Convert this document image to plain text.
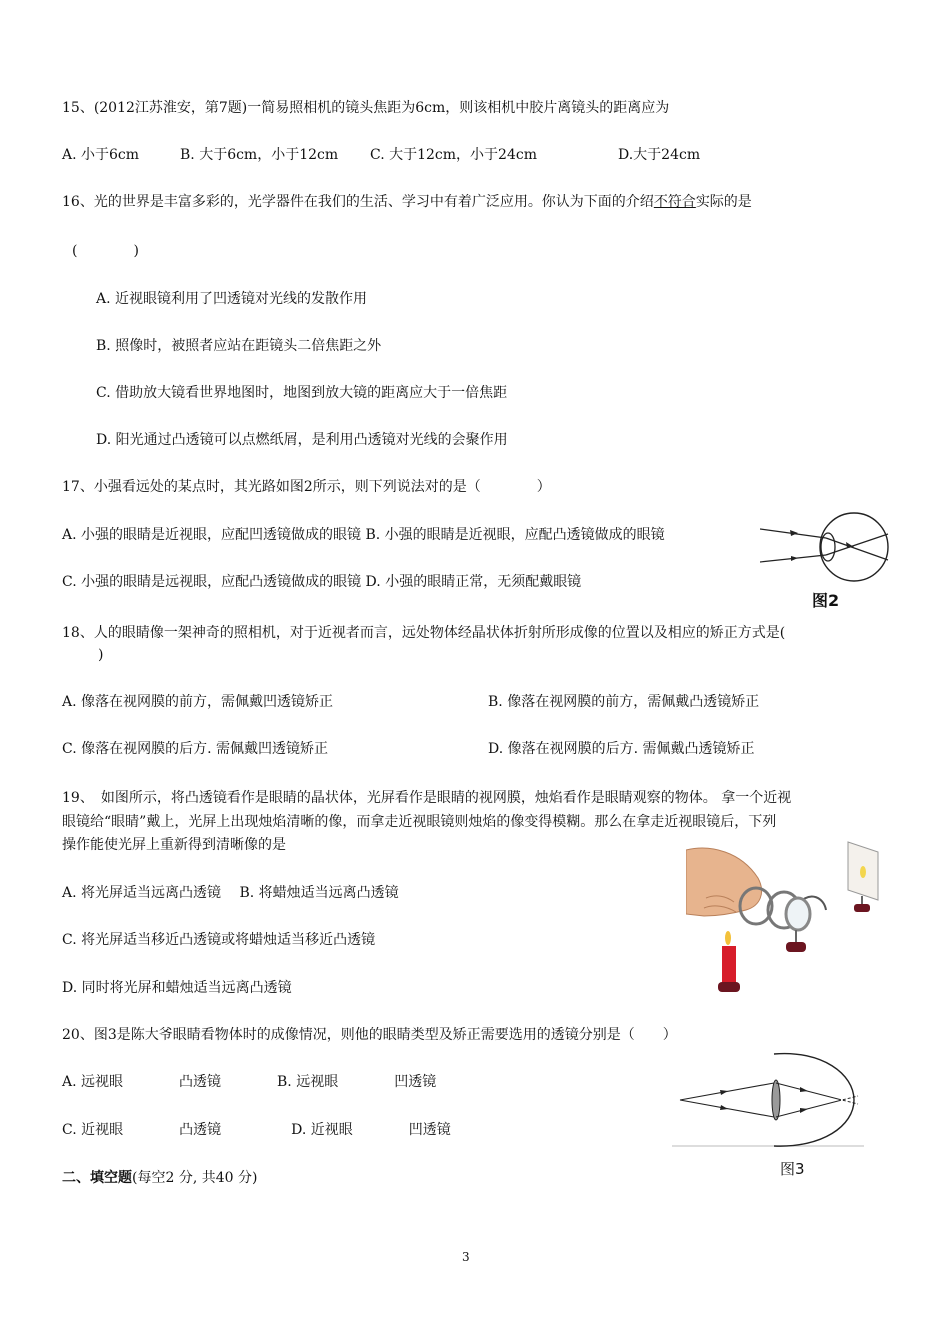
15、(2012江苏淮安，第7题)一简易照相机的镜头焦距为6cm，则该相机中胶片离镜头的距离应为
A. 小于6cm	B. 大于6cm，小于12cm C. 大于12cm，小于24cm	D.大于24cm
16、光的世界是丰富多彩的，光学器件在我们的生活、学习中有着广泛应用。你认为下面的介绍不符合实际的是
(　　　　)
A. 近视眼镜利用了凹透镜对光线的发散作用
B. 照像时，被照者应站在距镜头二倍焦距之外
C. 借助放大镜看世界地图时，地图到放大镜的距离应大于一倍焦距
D. 阳光通过凸透镜可以点燃纸屑，是利用凸透镜对光线的会聚作用
17、小强看远处的某点时，其光路如图2所示，则下列说法对的是（　　　　）
A. 小强的眼睛是近视眼，应配凹透镜做成的眼镜 B. 小强的眼睛是近视眼，应配凸透镜做成的眼镜
C. 小强的眼睛是远视眼，应配凸透镜做成的眼镜 D. 小强的眼睛正常，无须配戴眼镜
图2
18、人的眼睛像一架神奇的照相机，对于近视者而言，远处物体经晶状体折射所形成像的位置以及相应的矫正方式是(
)
A. 像落在视网膜的前方，需佩戴凹透镜矫正	B. 像落在视网膜的前方，需佩戴凸透镜矫正
C. 像落在视网膜的后方. 需佩戴凹透镜矫正	D. 像落在视网膜的后方. 需佩戴凸透镜矫正
19、　如图所示，将凸透镜看作是眼睛的晶状体，光屏看作是眼睛的视网膜，烛焰看作是眼睛观察的物体。 拿一个近视
眼镜给“眼睛”戴上，光屏上出现烛焰清晰的像，而拿走近视眼镜则烛焰的像变得模糊。那么在拿走近视眼镜后，下列
操作能使光屏上重新得到清晰像的是
A. 将光屏适当远离凸透镜　 B. 将蜡烛适当远离凸透镜
C. 将光屏适当移近凸透镜或将蜡烛适当移近凸透镜
D. 同时将光屏和蜡烛适当远离凸透镜
20、图3是陈大爷眼睛看物体时的成像情况，则他的眼睛类型及矫正需要选用的透镜分别是（　　）
A. 远视眼　　　　凸透镜　　　　B. 远视眼　　　　凹透镜
C. 近视眼　　　　凸透镜　　　　　D. 近视眼　　　　凹透镜
图3
二、填空题(每空2 分, 共40 分)
3
